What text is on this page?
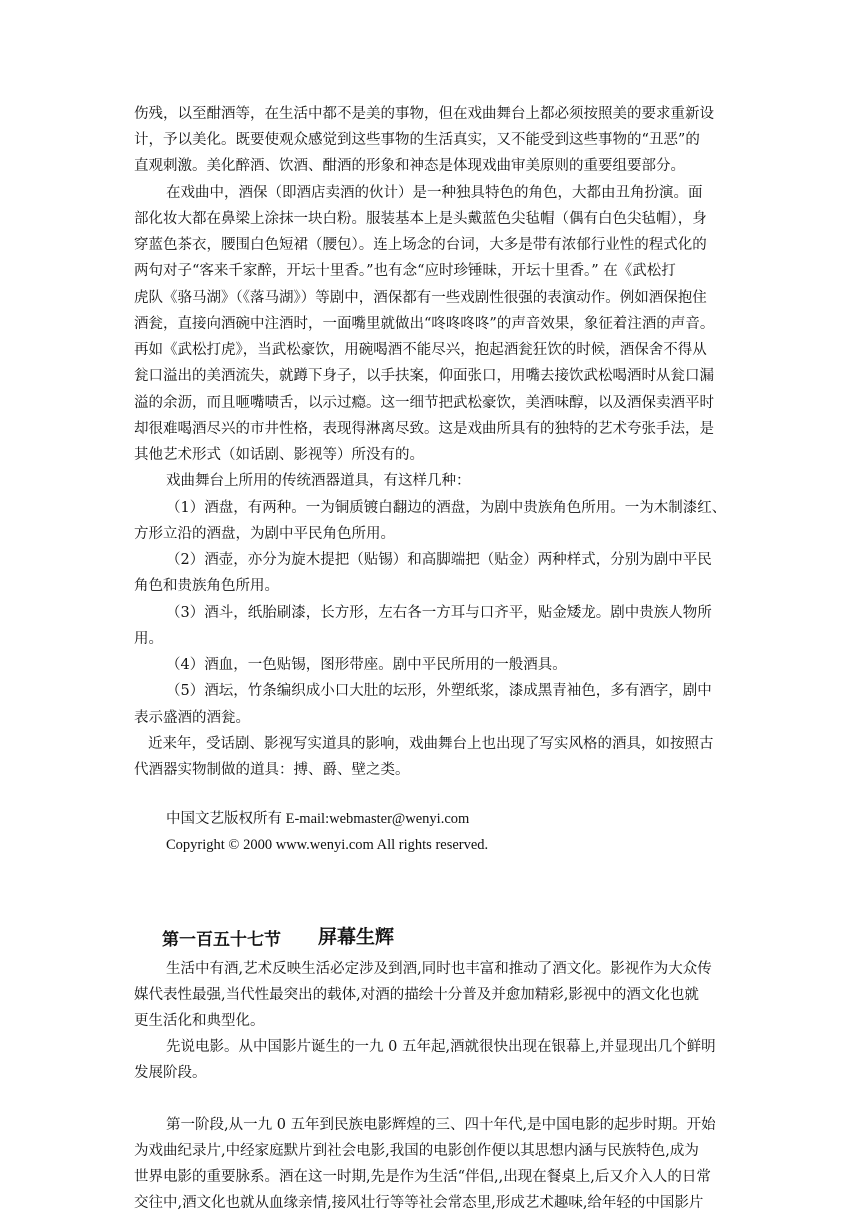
伤残，以至酣酒等，在生活中都不是美的事物，但在戏曲舞台上都必须按照美的要求重新设
计，予以美化。既要使观众感觉到这些事物的生活真实，又不能受到这些事物的“丑恶”的
直观刺激。美化醉酒、饮酒、酣酒的形象和神态是体现戏曲审美原则的重要组要部分。
在戏曲中，酒保（即酒店卖酒的伙计）是一种独具特色的角色，大都由丑角扮演。面
部化妆大都在鼻梁上涂抹一块白粉。服装基本上是头戴蓝色尖毡帽（偶有白色尖毡帽），身
穿蓝色茶衣，腰围白色短裙（腰包）。连上场念的台词，大多是带有浓郁行业性的程式化的
两句对子“客来千家醉，开坛十里香。”也有念“应时珍锤昧，开坛十里香。” 在《武松打
虎队《骆马湖》（《落马湖》）等剧中，酒保都有一些戏剧性很强的表演动作。例如酒保抱住
酒瓮，直接向酒碗中注酒时，一面嘴里就做出“咚咚咚咚”的声音效果，象征着注酒的声音。
再如《武松打虎》，当武松豪饮，用碗喝酒不能尽兴，抱起酒瓮狂饮的时候，酒保舍不得从
瓮口溢出的美酒流失，就蹲下身子，以手扶案，仰面张口，用嘴去接饮武松喝酒时从瓮口漏
溢的余沥，而且咂嘴啧舌，以示过瘾。这一细节把武松豪饮，美酒味醇，以及酒保卖酒平时
却很难喝酒尽兴的市井性格，表现得淋离尽致。这是戏曲所具有的独特的艺术夸张手法，是
其他艺术形式（如话剧、影视等）所没有的。
戏曲舞台上所用的传统酒器道具，有这样几种：
（1）酒盘，有两种。一为铜质镀白翻边的酒盘，为剧中贵族角色所用。一为木制漆红、
方形立沿的酒盘，为剧中平民角色所用。
（2）酒壶，亦分为旋木提把（贴锡）和高脚端把（贴金）两种样式，分别为剧中平民
角色和贵族角色所用。
（3）酒斗，纸胎刷漆，长方形，左右各一方耳与口齐平，贴金矮龙。剧中贵族人物所
用。
（4）酒血，一色贴锡，图形带座。剧中平民所用的一般酒具。
（5）酒坛，竹条编织成小口大肚的坛形，外塑纸浆，漆成黑青袖色，多有酒字，剧中
表示盛酒的酒瓮。
近来年，受话剧、影视写实道具的影响，戏曲舞台上也出现了写实风格的酒具，如按照古
代酒器实物制做的道具：搏、爵、壁之类。
中国文艺版权所有 E-mail:webmaster@wenyi.com
Copyright © 2000 www.wenyi.com All rights reserved.
第一百五十七节 屏幕生辉
生活中有酒,艺术反映生活必定涉及到酒,同时也丰富和推动了酒文化。影视作为大众传
媒代表性最强,当代性最突出的载体,对酒的描绘十分普及并愈加精彩,影视中的酒文化也就
更生活化和典型化。
先说电影。从中国影片诞生的一九 0 五年起,酒就很快出现在银幕上,并显现出几个鲜明
发展阶段。
第一阶段,从一九 0 五年到民族电影辉煌的三、四十年代,是中国电影的起步时期。开始
为戏曲纪录片,中经家庭默片到社会电影,我国的电影创作便以其思想内涵与民族特色,成为
世界电影的重要脉系。酒在这一时期,先是作为生活“伴侣,,出现在餐桌上,后又介入人的日常
交往中,酒文化也就从血缘亲情,接风壮行等等社会常态里,形成艺术趣味,给年轻的中国影片
